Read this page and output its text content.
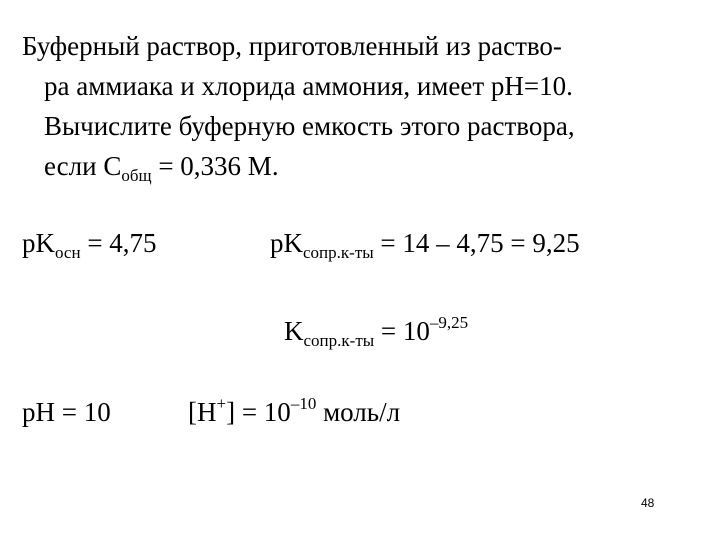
Буферный раствор, приготовленный из раство-
ра аммиака и хлорида аммония, имеет pH=10.
Вычислите буферную емкость этого раствора,
если $C_{общ} = 0,336$ М.
$pK_{осн} = 4,75$	$pK_{сопр.к-ты} = 14 - 4,75 = 9,25$
$K_{сопр.к-ты} = 10^{-9,25}$
pH = 10	$[H^+] = 10^{-10}$ моль/л
48
